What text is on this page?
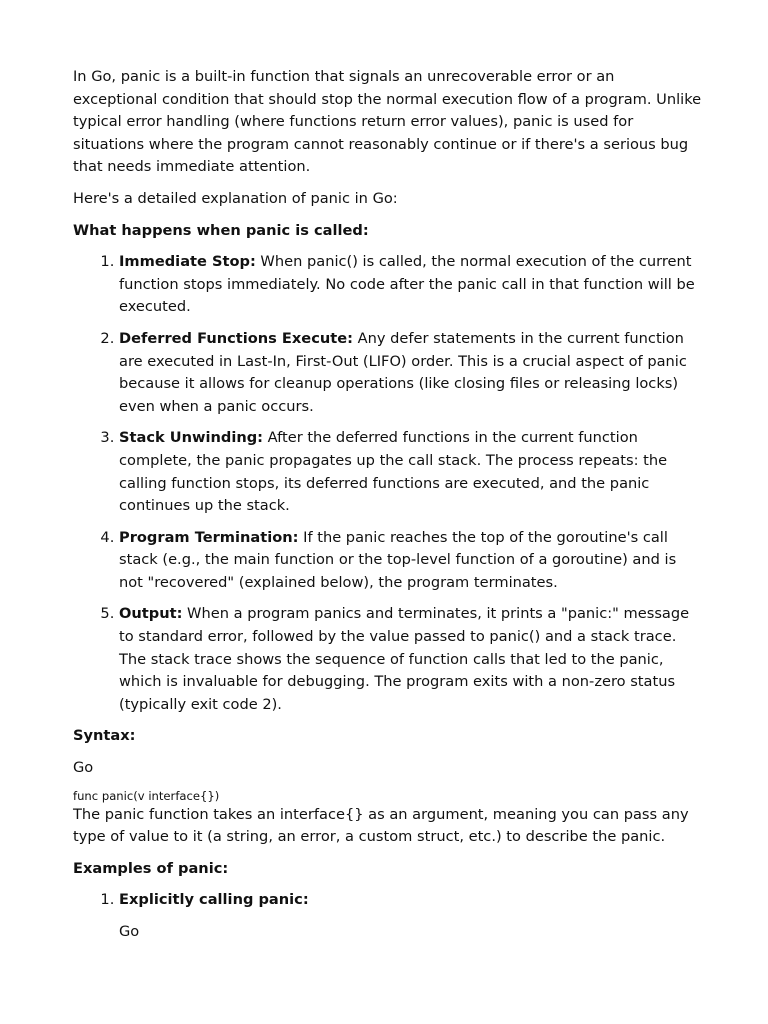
In Go, panic is a built-in function that signals an unrecoverable error or an exceptional condition that should stop the normal execution flow of a program. Unlike typical error handling (where functions return error values), panic is used for situations where the program cannot reasonably continue or if there's a serious bug that needs immediate attention.

Here's a detailed explanation of panic in Go:

What happens when panic is called:

1. Immediate Stop: When panic() is called, the normal execution of the current function stops immediately. No code after the panic call in that function will be executed.
2. Deferred Functions Execute: Any defer statements in the current function are executed in Last-In, First-Out (LIFO) order. This is a crucial aspect of panic because it allows for cleanup operations (like closing files or releasing locks) even when a panic occurs.
3. Stack Unwinding: After the deferred functions in the current function complete, the panic propagates up the call stack. The process repeats: the calling function stops, its deferred functions are executed, and the panic continues up the stack.
4. Program Termination: If the panic reaches the top of the goroutine's call stack (e.g., the main function or the top-level function of a goroutine) and is not "recovered" (explained below), the program terminates.
5. Output: When a program panics and terminates, it prints a "panic:" message to standard error, followed by the value passed to panic() and a stack trace. The stack trace shows the sequence of function calls that led to the panic, which is invaluable for debugging. The program exits with a non-zero status (typically exit code 2).

Syntax:

Go

func panic(v interface{})

The panic function takes an interface{} as an argument, meaning you can pass any type of value to it (a string, an error, a custom struct, etc.) to describe the panic.

Examples of panic:

1. Explicitly calling panic:
Go
